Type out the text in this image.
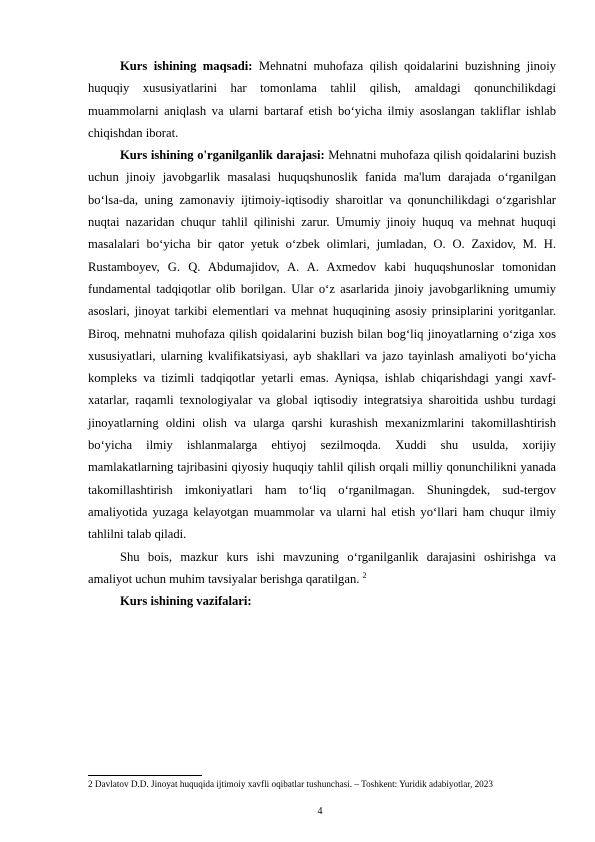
Kurs ishining maqsadi: Mehnatni muhofaza qilish qoidalarini buzishning jinoiy huquqiy xususiyatlarini har tomonlama tahlil qilish, amaldagi qonunchilikdagi muammolarni aniqlash va ularni bartaraf etish bo‘yicha ilmiy asoslangan takliflar ishlab chiqishdan iborat.

Kurs ishining o'rganilganlik darajasi: Mehnatni muhofaza qilish qoidalarini buzish uchun jinoiy javobgarlik masalasi huquqshunoslik fanida ma'lum darajada o‘rganilgan bo‘lsa-da, uning zamonaviy ijtimoiy-iqtisodiy sharoitlar va qonunchilikdagi o‘zgarishlar nuqtai nazaridan chuqur tahlil qilinishi zarur. Umumiy jinoiy huquq va mehnat huquqi masalalari bo‘yicha bir qator yetuk o‘zbek olimlari, jumladan, O. O. Zaxidov, M. H. Rustamboyev, G. Q. Abdumajidov, A. A. Axmedov kabi huquqshunoslar tomonidan fundamental tadqiqotlar olib borilgan. Ular o‘z asarlarida jinoiy javobgarlikning umumiy asoslari, jinoyat tarkibi elementlari va mehnat huquqining asosiy prinsiplarini yoritganlar. Biroq, mehnatni muhofaza qilish qoidalarini buzish bilan bog‘liq jinoyatlarning o‘ziga xos xususiyatlari, ularning kvalifikatsiyasi, ayb shakllari va jazo tayinlash amaliyoti bo‘yicha kompleks va tizimli tadqiqotlar yetarli emas. Ayniqsa, ishlab chiqarishdagi yangi xavf-xatarlar, raqamli texnologiyalar va global iqtisodiy integratsiya sharoitida ushbu turdagi jinoyatlarning oldini olish va ularga qarshi kurashish mexanizmlarini takomillashtirish bo‘yicha ilmiy ishlanmalarga ehtiyoj sezilmoqda. Xuddi shu usulda, xorijiy mamlakatlarning tajribasini qiyosiy huquqiy tahlil qilish orqali milliy qonunchilikni yanada takomillashtirish imkoniyatlari ham to‘liq o‘rganilmagan. Shuningdek, sud-tergov amaliyotida yuzaga kelayotgan muammolar va ularni hal etish yo‘llari ham chuqur ilmiy tahlilni talab qiladi.

Shu bois, mazkur kurs ishi mavzuning o‘rganilganlik darajasini oshirishga va amaliyot uchun muhim tavsiyalar berishga qaratilgan. $^2$

Kurs ishining vazifalari:

2 Davlatov D.D. Jinoyat huquqida ijtimoiy xavfli oqibatlar tushunchasi. – Toshkent: Yuridik adabiyotlar, 2023

4
